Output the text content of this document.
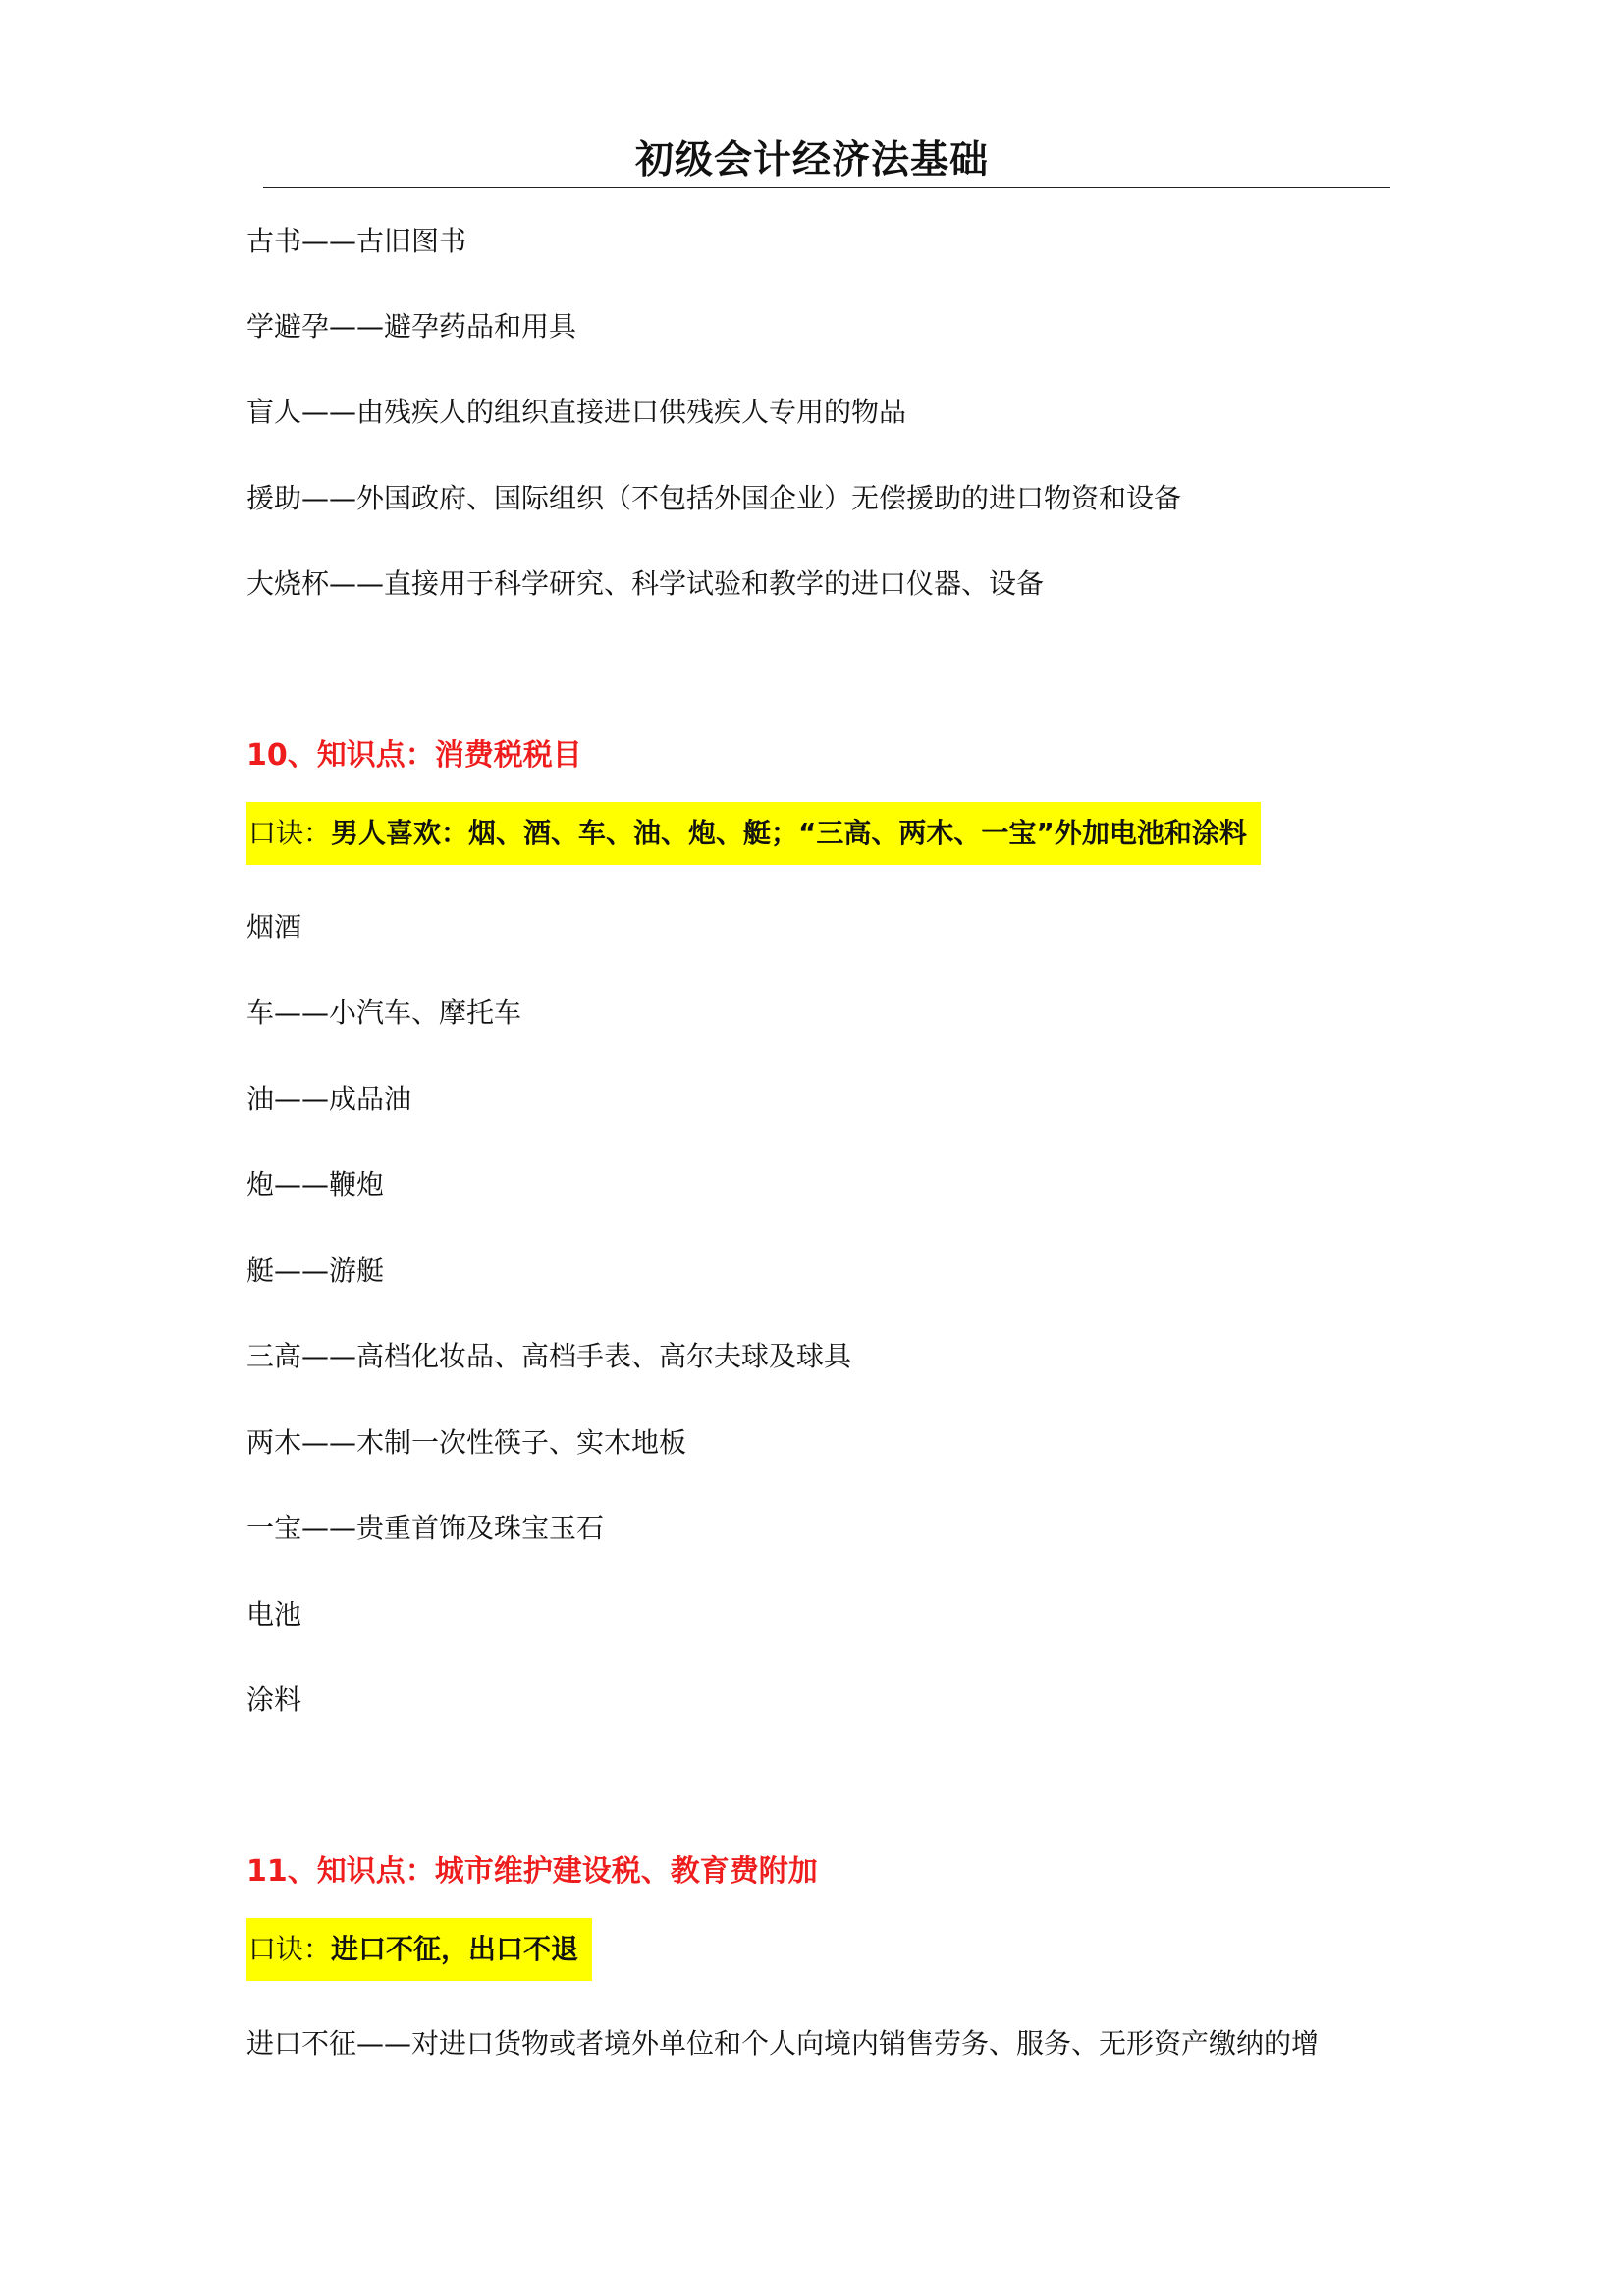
初级会计经济法基础
古书——古旧图书
学避孕——避孕药品和用具
盲人——由残疾人的组织直接进口供残疾人专用的物品
援助——外国政府、国际组织（不包括外国企业）无偿援助的进口物资和设备
大烧杯——直接用于科学研究、科学试验和教学的进口仪器、设备
10、知识点：消费税税目
口诀：男人喜欢：烟、酒、车、油、炮、艇；“三高、两木、一宝”外加电池和涂料
烟酒
车——小汽车、摩托车
油——成品油
炮——鞭炮
艇——游艇
三高——高档化妆品、高档手表、高尔夫球及球具
两木——木制一次性筷子、实木地板
一宝——贵重首饰及珠宝玉石
电池
涂料
11、知识点：城市维护建设税、教育费附加
口诀：进口不征，出口不退
进口不征——对进口货物或者境外单位和个人向境内销售劳务、服务、无形资产缴纳的增
